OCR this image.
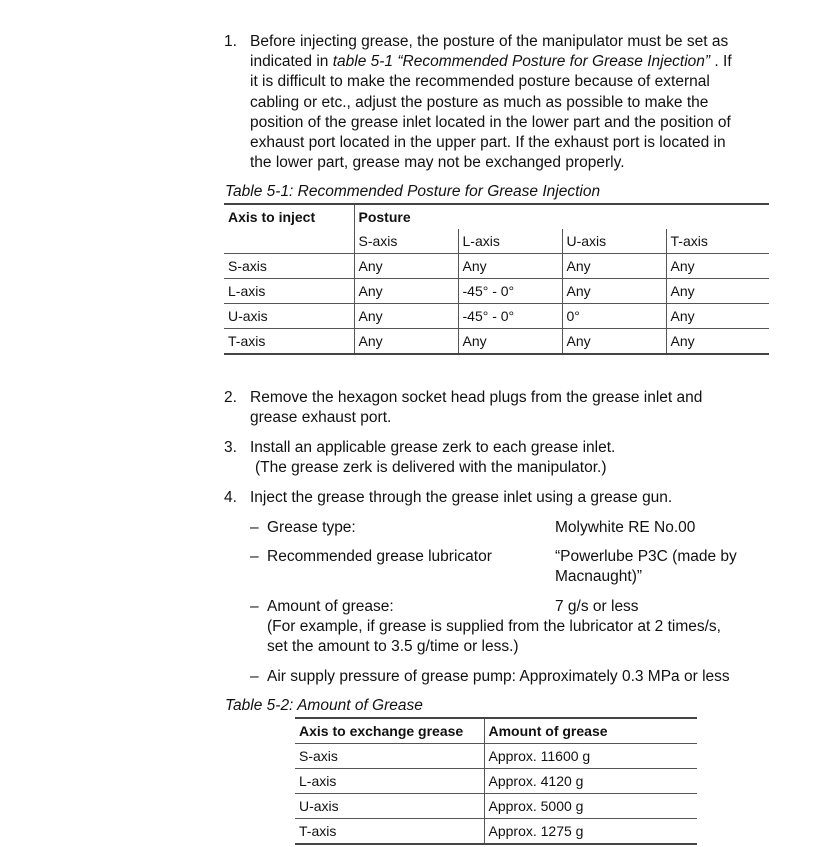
1. Before injecting grease, the posture of the manipulator must be set as
indicated in table 5-1 “Recommended Posture for Grease Injection” . If
it is difficult to make the recommended posture because of external
cabling or etc., adjust the posture as much as possible to make the
position of the grease inlet located in the lower part and the position of
exhaust port located in the upper part. If the exhaust port is located in
the lower part, grease may not be exchanged properly.
Table 5-1: Recommended Posture for Grease Injection
Axis to inject	Posture			
	S-axis	L-axis	U-axis	T-axis
S-axis	Any	Any	Any	Any
L-axis	Any	-45° - 0°	Any	Any
U-axis	Any	-45° - 0°	0°	Any
T-axis	Any	Any	Any	Any
2. Remove the hexagon socket head plugs from the grease inlet and
grease exhaust port.
3. Install an applicable grease zerk to each grease inlet.
(The grease zerk is delivered with the manipulator.)
4. Inject the grease through the grease inlet using a grease gun.
– Grease type:	Molywhite RE No.00
– Recommended grease lubricator	“Powerlube P3C (made by
Macnaught)”
– Amount of grease:	7 g/s or less
(For example, if grease is supplied from the lubricator at 2 times/s,
set the amount to 3.5 g/time or less.)
– Air supply pressure of grease pump: Approximately 0.3 MPa or less
Table 5-2: Amount of Grease
Axis to exchange grease	Amount of grease
S-axis	Approx. 11600 g
L-axis	Approx. 4120 g
U-axis	Approx. 5000 g
T-axis	Approx. 1275 g
